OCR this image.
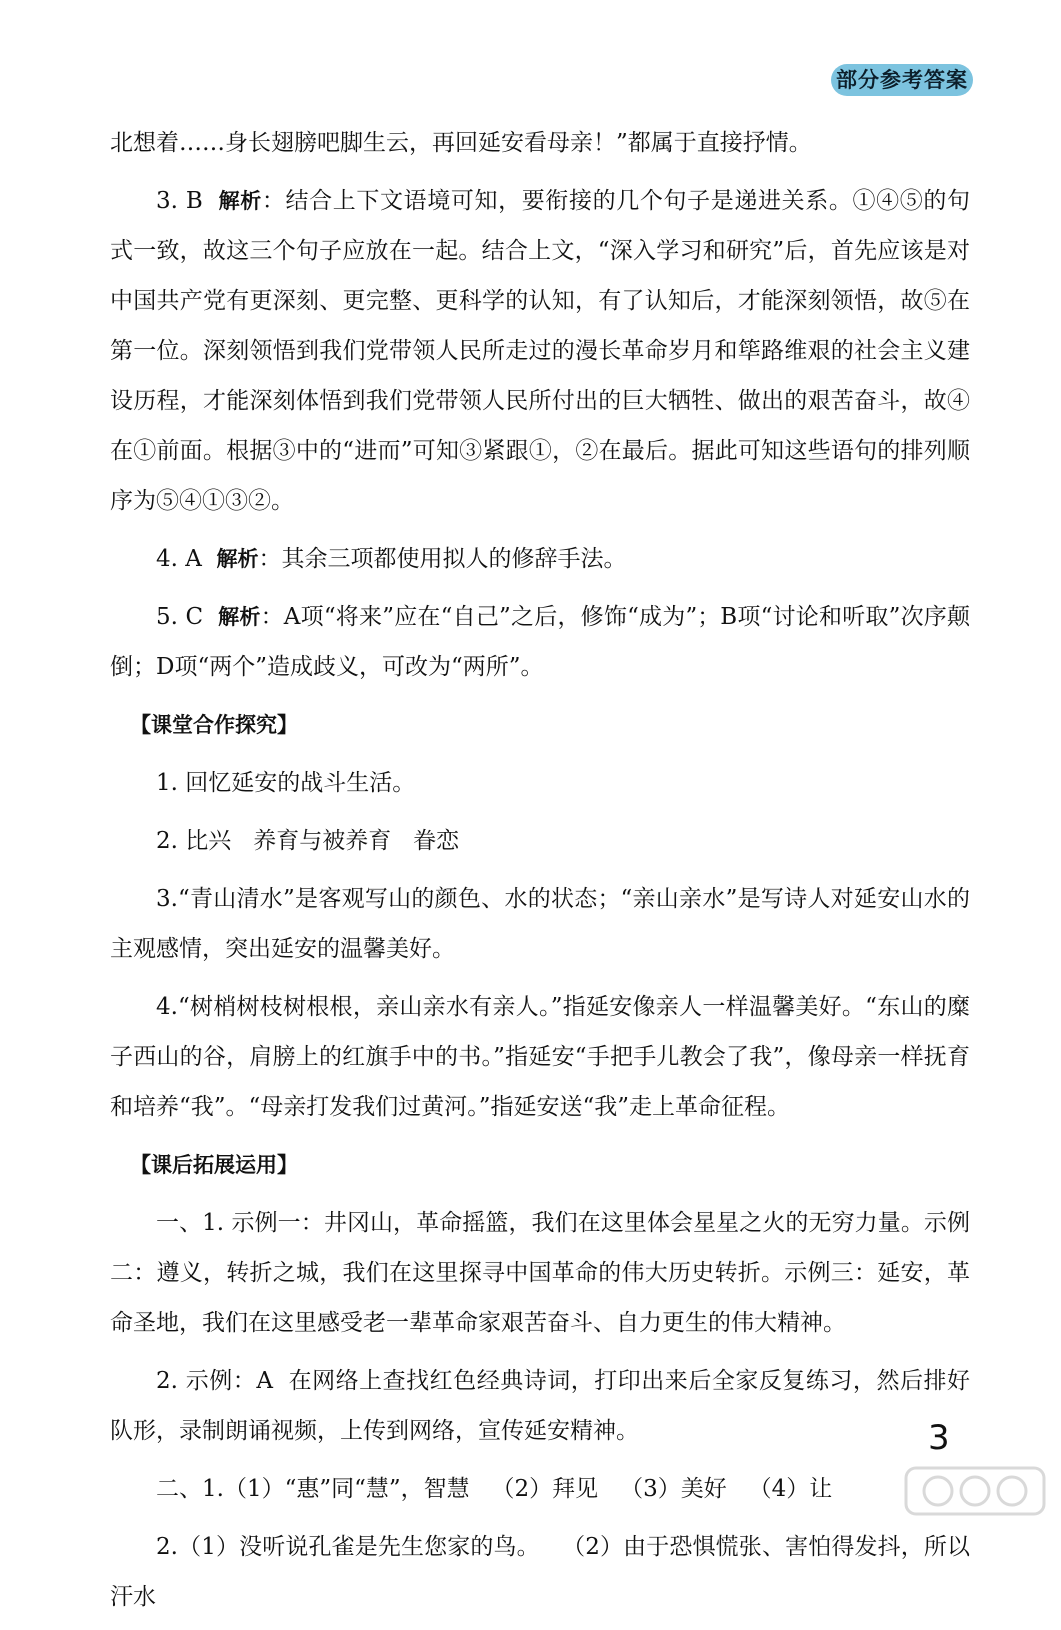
部分参考答案

北想着……身长翅膀吧脚生云，再回延安看母亲！”都属于直接抒情。

3. B 解析：结合上下文语境可知，要衔接的几个句子是递进关系。①④⑤的句式一致，故这三个句子应放在一起。结合上文，“深入学习和研究”后，首先应该是对中国共产党有更深刻、更完整、更科学的认知，有了认知后，才能深刻领悟，故⑤在第一位。深刻领悟到我们党带领人民所走过的漫长革命岁月和筚路维艰的社会主义建设历程，才能深刻体悟到我们党带领人民所付出的巨大牺牲、做出的艰苦奋斗，故④在①前面。根据③中的“进而”可知③紧跟①，②在最后。据此可知这些语句的排列顺序为⑤④①③②。

4. A 解析：其余三项都使用拟人的修辞手法。

5. C 解析：A项“将来”应在“自己”之后，修饰“成为”；B项“讨论和听取”次序颠倒；D项“两个”造成歧义，可改为“两所”。

【课堂合作探究】

1. 回忆延安的战斗生活。

2. 比兴   养育与被养育   眷恋

3.“青山清水”是客观写山的颜色、水的状态；“亲山亲水”是写诗人对延安山水的主观感情，突出延安的温馨美好。

4.“树梢树枝树根根，亲山亲水有亲人。”指延安像亲人一样温馨美好。“东山的糜子西山的谷，肩膀上的红旗手中的书。”指延安“手把手儿教会了我”，像母亲一样抚育和培养“我”。“母亲打发我们过黄河。”指延安送“我”走上革命征程。

【课后拓展运用】

一、1. 示例一：井冈山，革命摇篮，我们在这里体会星星之火的无穷力量。示例二：遵义，转折之城，我们在这里探寻中国革命的伟大历史转折。示例三：延安，革命圣地，我们在这里感受老一辈革命家艰苦奋斗、自力更生的伟大精神。

2. 示例：A  在网络上查找红色经典诗词，打印出来后全家反复练习，然后排好队形，录制朗诵视频，上传到网络，宣传延安精神。

二、1.（1）“惠”同“慧”，智慧   （2）拜见   （3）美好   （4）让

2.（1）没听说孔雀是先生您家的鸟。   （2）由于恐惧慌张、害怕得发抖，所以汗水

3
